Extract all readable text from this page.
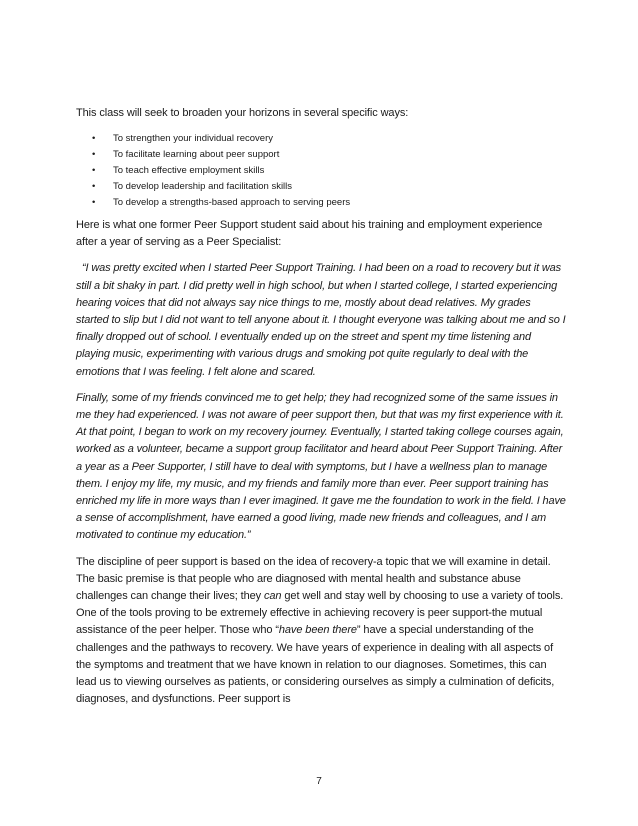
This class will seek to broaden your horizons in several specific ways:

• To strengthen your individual recovery
• To facilitate learning about peer support
• To teach effective employment skills
• To develop leadership and facilitation skills
• To develop a strengths-based approach to serving peers

Here is what one former Peer Support student said about his training and employment experience after a year of serving as a Peer Specialist:

“I was pretty excited when I started Peer Support Training. I had been on a road to recovery but it was still a bit shaky in part. I did pretty well in high school, but when I started college, I started experiencing hearing voices that did not always say nice things to me, mostly about dead relatives. My grades started to slip but I did not want to tell anyone about it. I thought everyone was talking about me and so I finally dropped out of school. I eventually ended up on the street and spent my time listening and playing music, experimenting with various drugs and smoking pot quite regularly to deal with the emotions that I was feeling. I felt alone and scared.

Finally, some of my friends convinced me to get help; they had recognized some of the same issues in me they had experienced. I was not aware of peer support then, but that was my first experience with it. At that point, I began to work on my recovery journey. Eventually, I started taking college courses again, worked as a volunteer, became a support group facilitator and heard about Peer Support Training. After a year as a Peer Supporter, I still have to deal with symptoms, but I have a wellness plan to manage them. I enjoy my life, my music, and my friends and family more than ever. Peer support training has enriched my life in more ways than I ever imagined. It gave me the foundation to work in the field. I have a sense of accomplishment, have earned a good living, made new friends and colleagues, and I am motivated to continue my education.”

The discipline of peer support is based on the idea of recovery-a topic that we will examine in detail. The basic premise is that people who are diagnosed with mental health and substance abuse challenges can change their lives; they can get well and stay well by choosing to use a variety of tools. One of the tools proving to be extremely effective in achieving recovery is peer support-the mutual assistance of the peer helper. Those who “have been there” have a special understanding of the challenges and the pathways to recovery. We have years of experience in dealing with all aspects of the symptoms and treatment that we have known in relation to our diagnoses. Sometimes, this can lead us to viewing ourselves as patients, or considering ourselves as simply a culmination of deficits, diagnoses, and dysfunctions. Peer support is

7
